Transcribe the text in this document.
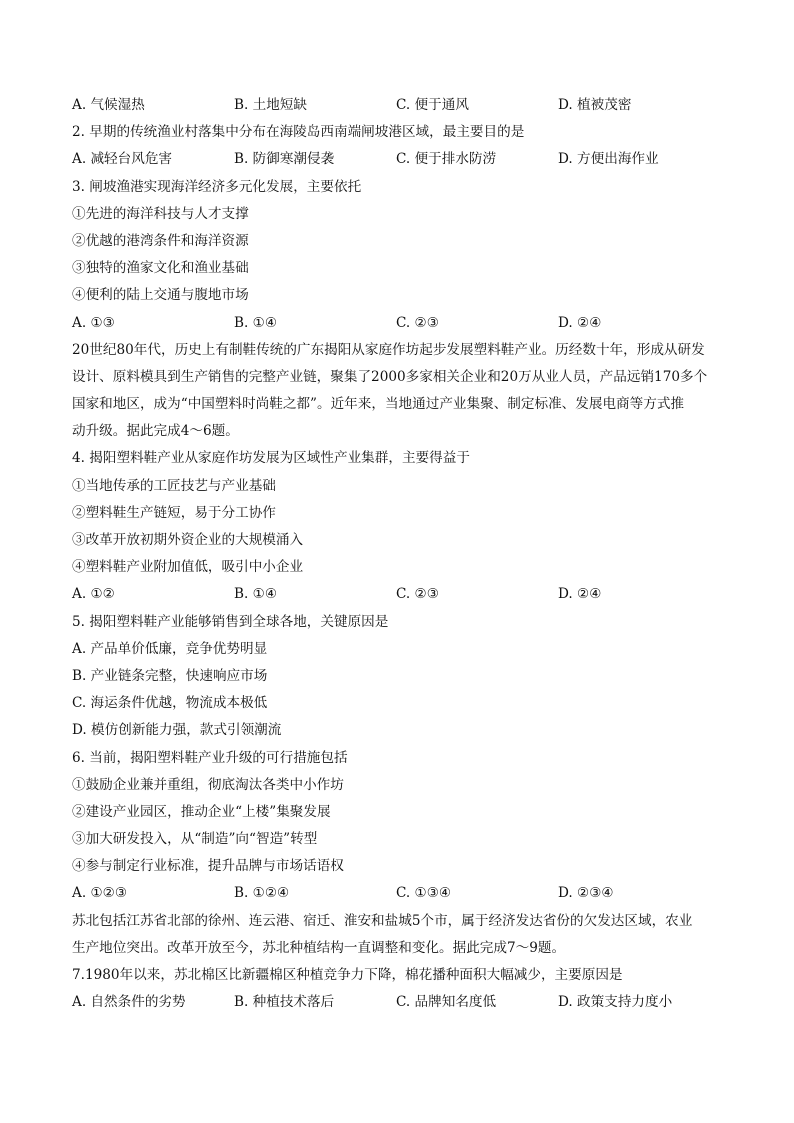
A. 气候湿热	B. 土地短缺	C. 便于通风	D. 植被茂密
2. 早期的传统渔业村落集中分布在海陵岛西南端闸坡港区域，最主要目的是
A. 减轻台风危害	B. 防御寒潮侵袭	C. 便于排水防涝	D. 方便出海作业
3. 闸坡渔港实现海洋经济多元化发展，主要依托
①先进的海洋科技与人才支撑
②优越的港湾条件和海洋资源
③独特的渔家文化和渔业基础
④便利的陆上交通与腹地市场
A. ①③	B. ①④	C. ②③	D. ②④
20世纪80年代，历史上有制鞋传统的广东揭阳从家庭作坊起步发展塑料鞋产业。历经数十年，形成从研发
设计、原料模具到生产销售的完整产业链，聚集了2000多家相关企业和20万从业人员，产品远销170多个
国家和地区，成为“中国塑料时尚鞋之都”。近年来，当地通过产业集聚、制定标准、发展电商等方式推
动升级。据此完成4～6题。
4. 揭阳塑料鞋产业从家庭作坊发展为区域性产业集群，主要得益于
①当地传承的工匠技艺与产业基础
②塑料鞋生产链短，易于分工协作
③改革开放初期外资企业的大规模涌入
④塑料鞋产业附加值低，吸引中小企业
A. ①②	B. ①④	C. ②③	D. ②④
5. 揭阳塑料鞋产业能够销售到全球各地，关键原因是
A. 产品单价低廉，竞争优势明显
B. 产业链条完整，快速响应市场
C. 海运条件优越，物流成本极低
D. 模仿创新能力强，款式引领潮流
6. 当前，揭阳塑料鞋产业升级的可行措施包括
①鼓励企业兼并重组，彻底淘汰各类中小作坊
②建设产业园区，推动企业“上楼”集聚发展
③加大研发投入，从“制造”向“智造”转型
④参与制定行业标准，提升品牌与市场话语权
A. ①②③	B. ①②④	C. ①③④	D. ②③④
苏北包括江苏省北部的徐州、连云港、宿迁、淮安和盐城5个市，属于经济发达省份的欠发达区域，农业
生产地位突出。改革开放至今，苏北种植结构一直调整和变化。据此完成7～9题。
7.1980年以来，苏北棉区比新疆棉区种植竞争力下降，棉花播种面积大幅减少，主要原因是
A. 自然条件的劣势	B. 种植技术落后	C. 品牌知名度低	D. 政策支持力度小
